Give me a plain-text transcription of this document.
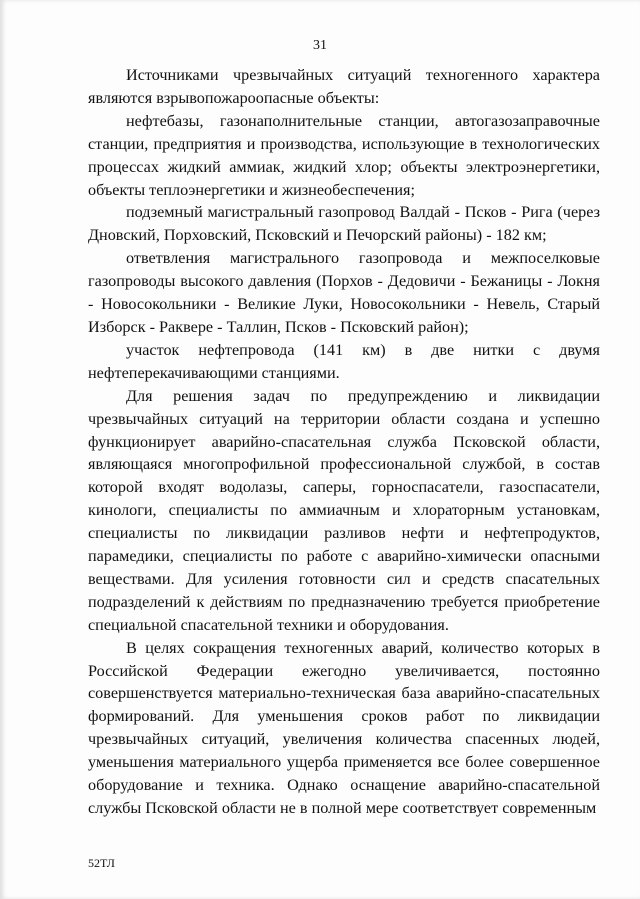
31

Источниками чрезвычайных ситуаций техногенного характера являются взрывопожароопасные объекты:

нефтебазы, газонаполнительные станции, автогазозаправочные станции, предприятия и производства, использующие в технологических процессах жидкий аммиак, жидкий хлор; объекты электроэнергетики, объекты теплоэнергетики и жизнеобеспечения;

подземный магистральный газопровод Валдай - Псков - Рига (через Дновский, Порховский, Псковский и Печорский районы) - 182 км;

ответвления магистрального газопровода и межпоселковые газопроводы высокого давления (Порхов - Дедовичи - Бежаницы - Локня - Новосокольники - Великие Луки, Новосокольники - Невель, Старый Изборск - Раквере - Таллин, Псков - Псковский район);

участок нефтепровода (141 км) в две нитки с двумя нефтеперекачивающими станциями.

Для решения задач по предупреждению и ликвидации чрезвычайных ситуаций на территории области создана и успешно функционирует аварийно-спасательная служба Псковской области, являющаяся многопрофильной профессиональной службой, в состав которой входят водолазы, саперы, горноспасатели, газоспасатели, кинологи, специалисты по аммиачным и хлораторным установкам, специалисты по ликвидации разливов нефти и нефтепродуктов, парамедики, специалисты по работе с аварийно-химически опасными веществами. Для усиления готовности сил и средств спасательных подразделений к действиям по предназначению требуется приобретение специальной спасательной техники и оборудования.

В целях сокращения техногенных аварий, количество которых в Российской Федерации ежегодно увеличивается, постоянно совершенствуется материально-техническая база аварийно-спасательных формирований. Для уменьшения сроков работ по ликвидации чрезвычайных ситуаций, увеличения количества спасенных людей, уменьшения материального ущерба применяется все более совершенное оборудование и техника. Однако оснащение аварийно-спасательной службы Псковской области не в полной мере соответствует современным

52ТЛ
